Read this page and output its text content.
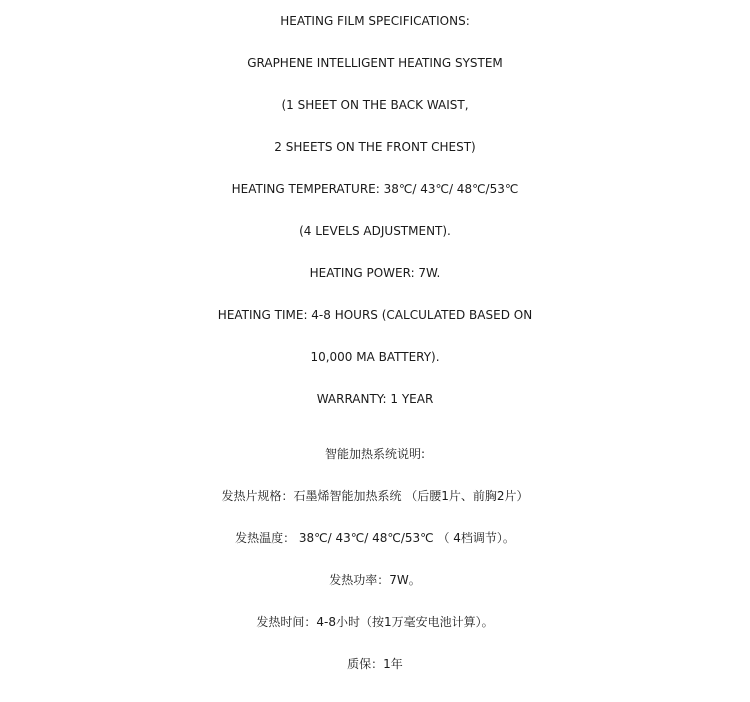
HEATING FILM SPECIFICATIONS:

GRAPHENE INTELLIGENT HEATING SYSTEM

(1 SHEET ON THE BACK WAIST,

2 SHEETS ON THE FRONT CHEST)

HEATING TEMPERATURE: 38℃/ 43℃/ 48℃/53℃

(4 LEVELS ADJUSTMENT).

HEATING POWER: 7W.

HEATING TIME: 4-8 HOURS (CALCULATED BASED ON

10,000 MA BATTERY).

WARRANTY: 1 YEAR

智能加热系统说明:

发热片规格：石墨烯智能加热系统 （后腰1片、前胸2片）

发热温度： 38℃/ 43℃/ 48℃/53℃ （ 4档调节）。

发热功率：7W。

发热时间：4-8小时（按1万毫安电池计算）。

质保：1年
